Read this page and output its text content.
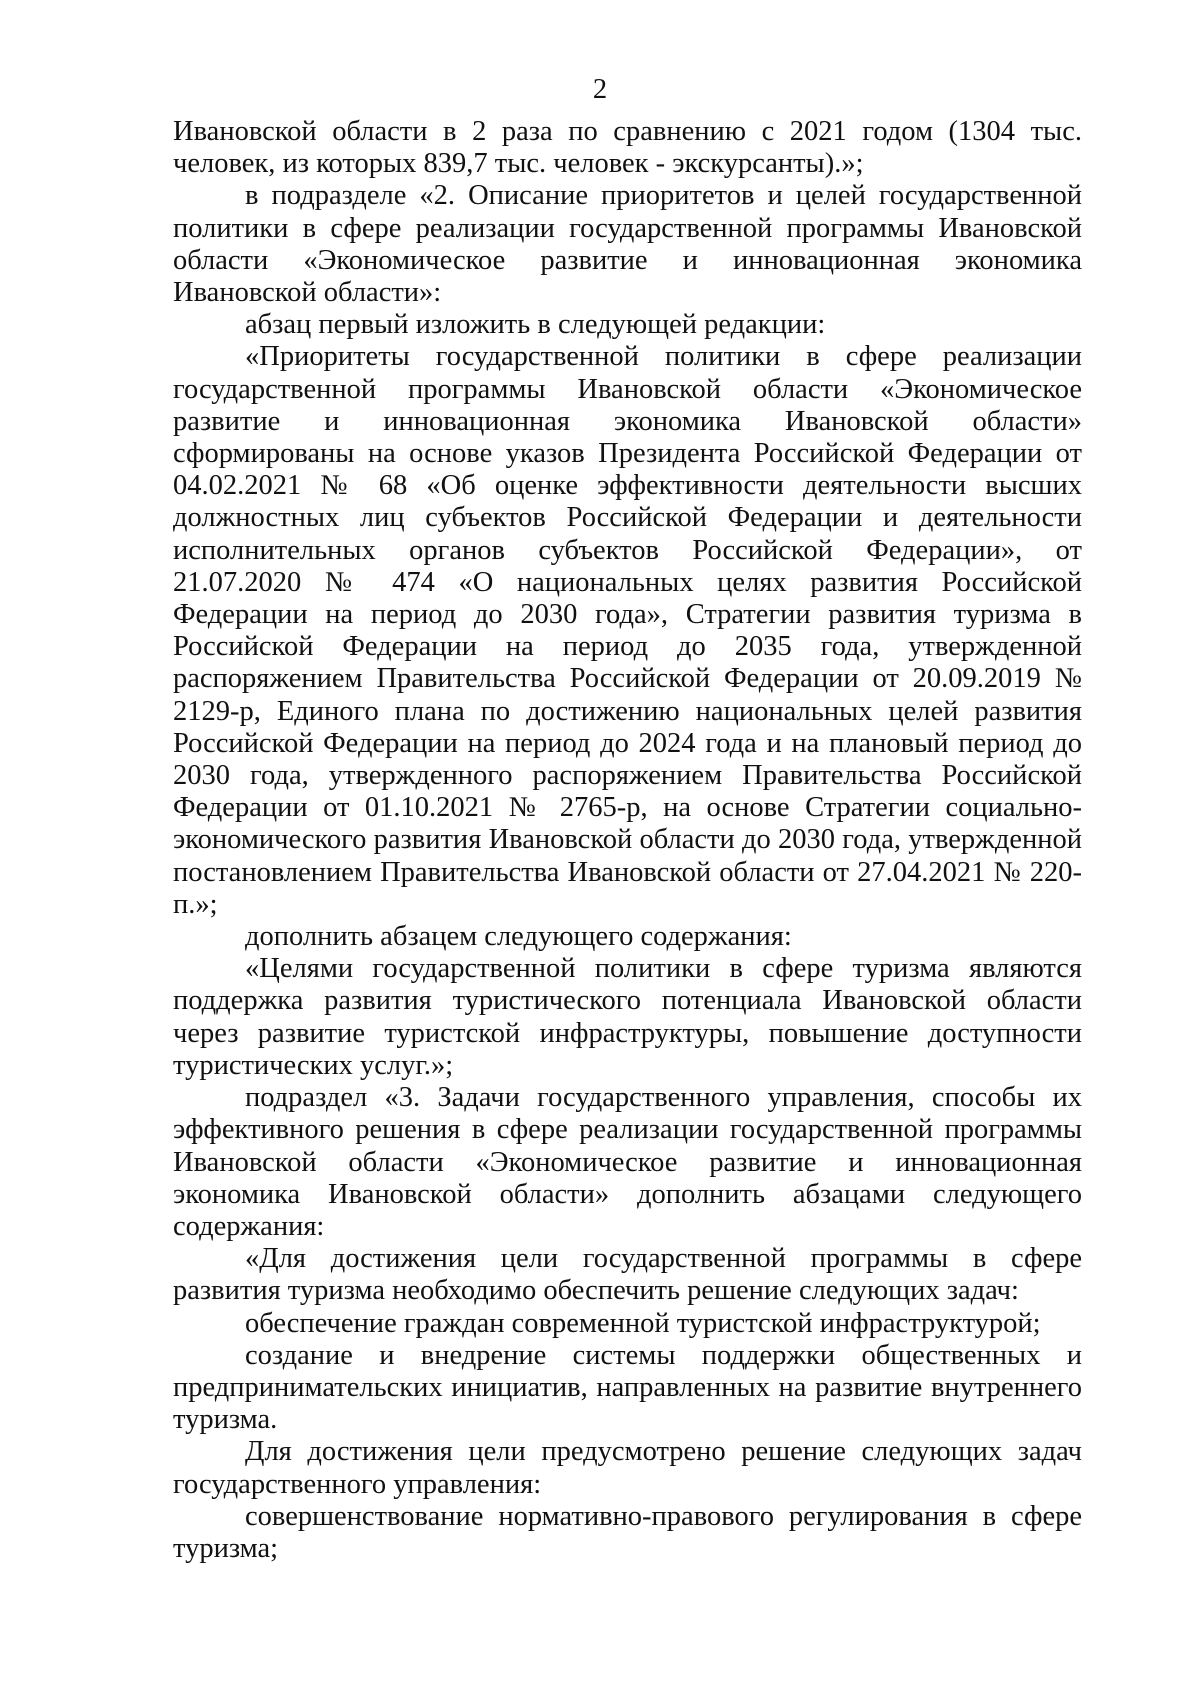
2

Ивановской области в 2 раза по сравнению с 2021 годом (1304 тыс. человек, из которых 839,7 тыс. человек - экскурсанты).»;

в подразделе «2. Описание приоритетов и целей государственной политики в сфере реализации государственной программы Ивановской области «Экономическое развитие и инновационная экономика Ивановской области»:

абзац первый изложить в следующей редакции:

«Приоритеты государственной политики в сфере реализации государственной программы Ивановской области «Экономическое развитие и инновационная экономика Ивановской области» сформированы на основе указов Президента Российской Федерации от 04.02.2021 № 68 «Об оценке эффективности деятельности высших должностных лиц субъектов Российской Федерации и деятельности исполнительных органов субъектов Российской Федерации», от 21.07.2020 № 474 «О национальных целях развития Российской Федерации на период до 2030 года», Стратегии развития туризма в Российской Федерации на период до 2035 года, утвержденной распоряжением Правительства Российской Федерации от 20.09.2019 № 2129-р, Единого плана по достижению национальных целей развития Российской Федерации на период до 2024 года и на плановый период до 2030 года, утвержденного распоряжением Правительства Российской Федерации от 01.10.2021 № 2765-р, на основе Стратегии социально-экономического развития Ивановской области до 2030 года, утвержденной постановлением Правительства Ивановской области от 27.04.2021 № 220-п.»;

дополнить абзацем следующего содержания:

«Целями государственной политики в сфере туризма являются поддержка развития туристического потенциала Ивановской области через развитие туристской инфраструктуры, повышение доступности туристических услуг.»;

подраздел «3. Задачи государственного управления, способы их эффективного решения в сфере реализации государственной программы Ивановской области «Экономическое развитие и инновационная экономика Ивановской области» дополнить абзацами следующего содержания:

«Для достижения цели государственной программы в сфере развития туризма необходимо обеспечить решение следующих задач:

обеспечение граждан современной туристской инфраструктурой;

создание и внедрение системы поддержки общественных и предпринимательских инициатив, направленных на развитие внутреннего туризма.

Для достижения цели предусмотрено решение следующих задач государственного управления:

совершенствование нормативно-правового регулирования в сфере туризма;
